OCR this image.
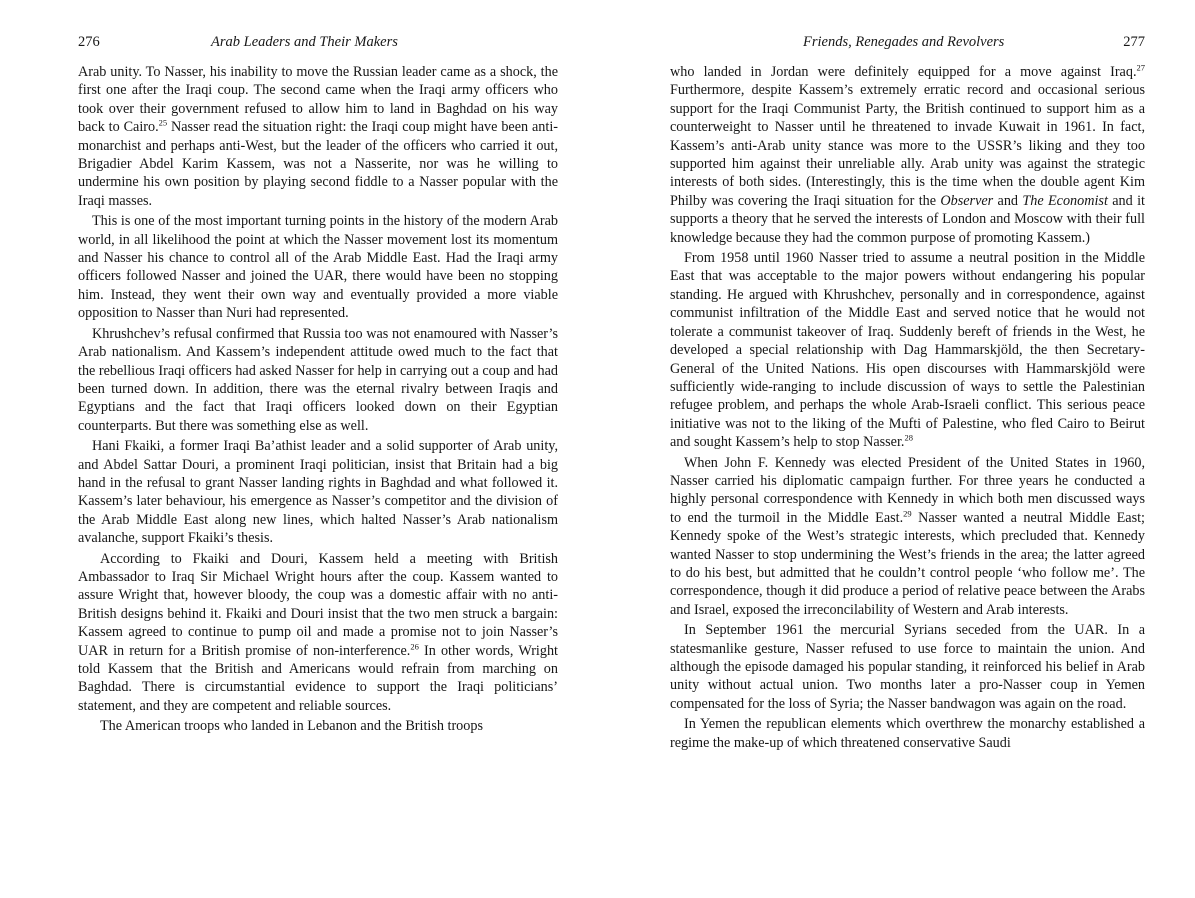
276	Arab Leaders and Their Makers

Arab unity. To Nasser, his inability to move the Russian leader came as a shock, the first one after the Iraqi coup. The second came when the Iraqi army officers who took over their government refused to allow him to land in Baghdad on his way back to Cairo.$^{25}$ Nasser read the situation right: the Iraqi coup might have been anti-monarchist and perhaps anti-West, but the leader of the officers who carried it out, Brigadier Abdel Karim Kassem, was not a Nasserite, nor was he willing to undermine his own position by playing second fiddle to a Nasser popular with the Iraqi masses.

This is one of the most important turning points in the history of the modern Arab world, in all likelihood the point at which the Nasser movement lost its momentum and Nasser his chance to control all of the Arab Middle East. Had the Iraqi army officers followed Nasser and joined the UAR, there would have been no stopping him. Instead, they went their own way and eventually provided a more viable opposition to Nasser than Nuri had represented.

Khrushchev’s refusal confirmed that Russia too was not enamoured with Nasser’s Arab nationalism. And Kassem’s independent attitude owed much to the fact that the rebellious Iraqi officers had asked Nasser for help in carrying out a coup and had been turned down. In addition, there was the eternal rivalry between Iraqis and Egyptians and the fact that Iraqi officers looked down on their Egyptian counterparts. But there was something else as well.

Hani Fkaiki, a former Iraqi Ba’athist leader and a solid supporter of Arab unity, and Abdel Sattar Douri, a prominent Iraqi politician, insist that Britain had a big hand in the refusal to grant Nasser landing rights in Baghdad and what followed it. Kassem’s later behaviour, his emergence as Nasser’s competitor and the division of the Arab Middle East along new lines, which halted Nasser’s Arab nationalism avalanche, support Fkaiki’s thesis.

According to Fkaiki and Douri, Kassem held a meeting with British Ambassador to Iraq Sir Michael Wright hours after the coup. Kassem wanted to assure Wright that, however bloody, the coup was a domestic affair with no anti-British designs behind it. Fkaiki and Douri insist that the two men struck a bargain: Kassem agreed to continue to pump oil and made a promise not to join Nasser’s UAR in return for a British promise of non-interference.$^{26}$ In other words, Wright told Kassem that the British and Americans would refrain from marching on Baghdad. There is circumstantial evidence to support the Iraqi politicians’ statement, and they are competent and reliable sources.

The American troops who landed in Lebanon and the British troops

Friends, Renegades and Revolvers	277

who landed in Jordan were definitely equipped for a move against Iraq.$^{27}$ Furthermore, despite Kassem’s extremely erratic record and occasional serious support for the Iraqi Communist Party, the British continued to support him as a counterweight to Nasser until he threatened to invade Kuwait in 1961. In fact, Kassem’s anti-Arab unity stance was more to the USSR’s liking and they too supported him against their unreliable ally. Arab unity was against the strategic interests of both sides. (Interestingly, this is the time when the double agent Kim Philby was covering the Iraqi situation for the Observer and The Economist and it supports a theory that he served the interests of London and Moscow with their full knowledge because they had the common purpose of promoting Kassem.)

From 1958 until 1960 Nasser tried to assume a neutral position in the Middle East that was acceptable to the major powers without endangering his popular standing. He argued with Khrushchev, personally and in correspondence, against communist infiltration of the Middle East and served notice that he would not tolerate a communist takeover of Iraq. Suddenly bereft of friends in the West, he developed a special relationship with Dag Hammarskjöld, the then Secretary-General of the United Nations. His open discourses with Hammarskjöld were sufficiently wide-ranging to include discussion of ways to settle the Palestinian refugee problem, and perhaps the whole Arab-Israeli conflict. This serious peace initiative was not to the liking of the Mufti of Palestine, who fled Cairo to Beirut and sought Kassem’s help to stop Nasser.$^{28}$

When John F. Kennedy was elected President of the United States in 1960, Nasser carried his diplomatic campaign further. For three years he conducted a highly personal correspondence with Kennedy in which both men discussed ways to end the turmoil in the Middle East.$^{29}$ Nasser wanted a neutral Middle East; Kennedy spoke of the West’s strategic interests, which precluded that. Kennedy wanted Nasser to stop undermining the West’s friends in the area; the latter agreed to do his best, but admitted that he couldn’t control people ‘who follow me’. The correspondence, though it did produce a period of relative peace between the Arabs and Israel, exposed the irreconcilability of Western and Arab interests.

In September 1961 the mercurial Syrians seceded from the UAR. In a statesmanlike gesture, Nasser refused to use force to maintain the union. And although the episode damaged his popular standing, it reinforced his belief in Arab unity without actual union. Two months later a pro-Nasser coup in Yemen compensated for the loss of Syria; the Nasser bandwagon was again on the road.

In Yemen the republican elements which overthrew the monarchy established a regime the make-up of which threatened conservative Saudi
